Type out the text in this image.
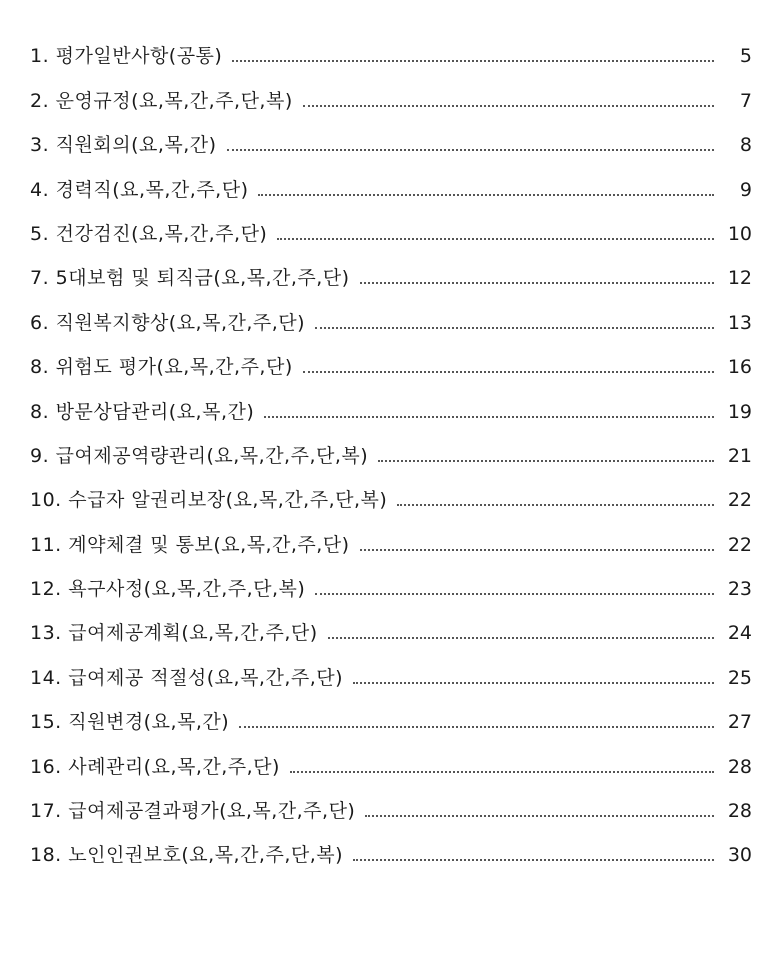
1. 평가일반사항(공통)	5
2. 운영규정(요,목,간,주,단,복)	7
3. 직원회의(요,목,간)	8
4. 경력직(요,목,간,주,단)	9
5. 건강검진(요,목,간,주,단)	10
7. 5대보험 및 퇴직금(요,목,간,주,단)	12
6. 직원복지향상(요,목,간,주,단)	13
8. 위험도 평가(요,목,간,주,단)	16
8. 방문상담관리(요,목,간)	19
9. 급여제공역량관리(요,목,간,주,단,복)	21
10. 수급자 알권리보장(요,목,간,주,단,복)	22
11. 계약체결 및 통보(요,목,간,주,단)	22
12. 욕구사정(요,목,간,주,단,복)	23
13. 급여제공계획(요,목,간,주,단)	24
14. 급여제공 적절성(요,목,간,주,단)	25
15. 직원변경(요,목,간)	27
16. 사례관리(요,목,간,주,단)	28
17. 급여제공결과평가(요,목,간,주,단)	28
18. 노인인권보호(요,목,간,주,단,복)	30
